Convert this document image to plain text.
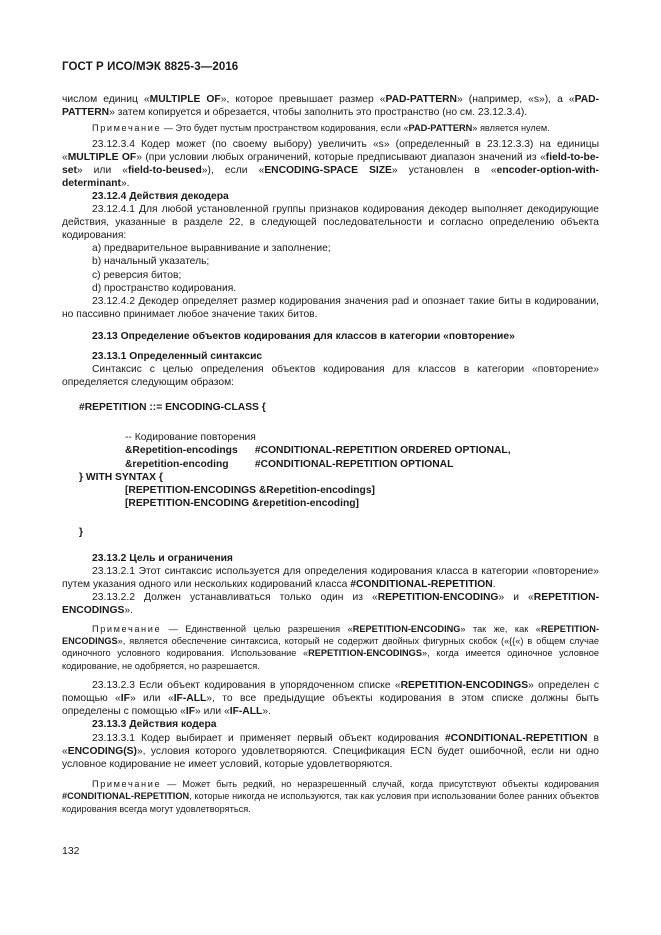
ГОСТ Р ИСО/МЭК 8825-3—2016

числом единиц «MULTIPLE OF», которое превышает размер «PAD-PATTERN» (например, «s»), а «PAD-PATTERN» затем копируется и обрезается, чтобы заполнить это пространство (но см. 23.12.3.4).

Примечание — Это будет пустым пространством кодирования, если «PAD-PATTERN» является нулем.

23.12.3.4 Кодер может (по своему выбору) увеличить «s» (определенный в 23.12.3.3) на единицы «MULTIPLE OF» (при условии любых ограничений, которые предписывают диапазон значений из «field-to-be-set» или «field-to-beused»), если «ENCODING-SPACE SIZE» установлен в «encoder-option-with-determinant».

23.12.4 Действия декодера

23.12.4.1 Для любой установленной группы признаков кодирования декодер выполняет декодирующие действия, указанные в разделе 22, в следующей последовательности и согласно определению объекта кодирования:

a) предварительное выравнивание и заполнение;

b) начальный указатель;

c) реверсия битов;

d) пространство кодирования.

23.12.4.2 Декодер определяет размер кодирования значения pad и опознает такие биты в кодировании, но пассивно принимает любое значение таких битов.

23.13 Определение объектов кодирования для классов в категории «повторение»

23.13.1 Определенный синтаксис

Синтаксис с целью определения объектов кодирования для классов в категории «повторение» определяется следующим образом:

#REPETITION ::= ENCODING-CLASS {
-- Кодирование повторения
&Repetition-encodings #CONDITIONAL-REPETITION ORDERED OPTIONAL,
&repetition-encoding	#CONDITIONAL-REPETITION OPTIONAL
} WITH SYNTAX {
[REPETITION-ENCODINGS &Repetition-encodings]
[REPETITION-ENCODING &repetition-encoding]
}

23.13.2 Цель и ограничения

23.13.2.1 Этот синтаксис используется для определения кодирования класса в категории «повторение» путем указания одного или нескольких кодирований класса #CONDITIONAL-REPETITION.

23.13.2.2 Должен устанавливаться только один из «REPETITION-ENCODING» и «REPETITION-ENCODINGS».

Примечание — Единственной целью разрешения «REPETITION-ENCODING» так же, как «REPETITION-ENCODINGS», является обеспечение синтаксиса, который не содержит двойных фигурных скобок («{{«) в общем случае одиночного условного кодирования. Использование «REPETITION-ENCODINGS», когда имеется одиночное условное кодирование, не одобряется, но разрешается.

23.13.2.3 Если объект кодирования в упорядоченном списке «REPETITION-ENCODINGS» определен с помощью «IF» или «IF-ALL», то все предыдущие объекты кодирования в этом списке должны быть определены с помощью «IF» или «IF-ALL».

23.13.3 Действия кодера

23.13.3.1 Кодер выбирает и применяет первый объект кодирования #CONDITIONAL-REPETITION в «ENCODING(S)», условия которого удовлетворяются. Спецификация ECN будет ошибочной, если ни одно условное кодирование не имеет условий, которые удовлетворяются.

Примечание — Может быть редкий, но неразрешенный случай, когда присутствуют объекты кодирования #CONDITIONAL-REPETITION, которые никогда не используются, так как условия при использовании более ранних объектов кодирования всегда могут удовлетворяться.

132
